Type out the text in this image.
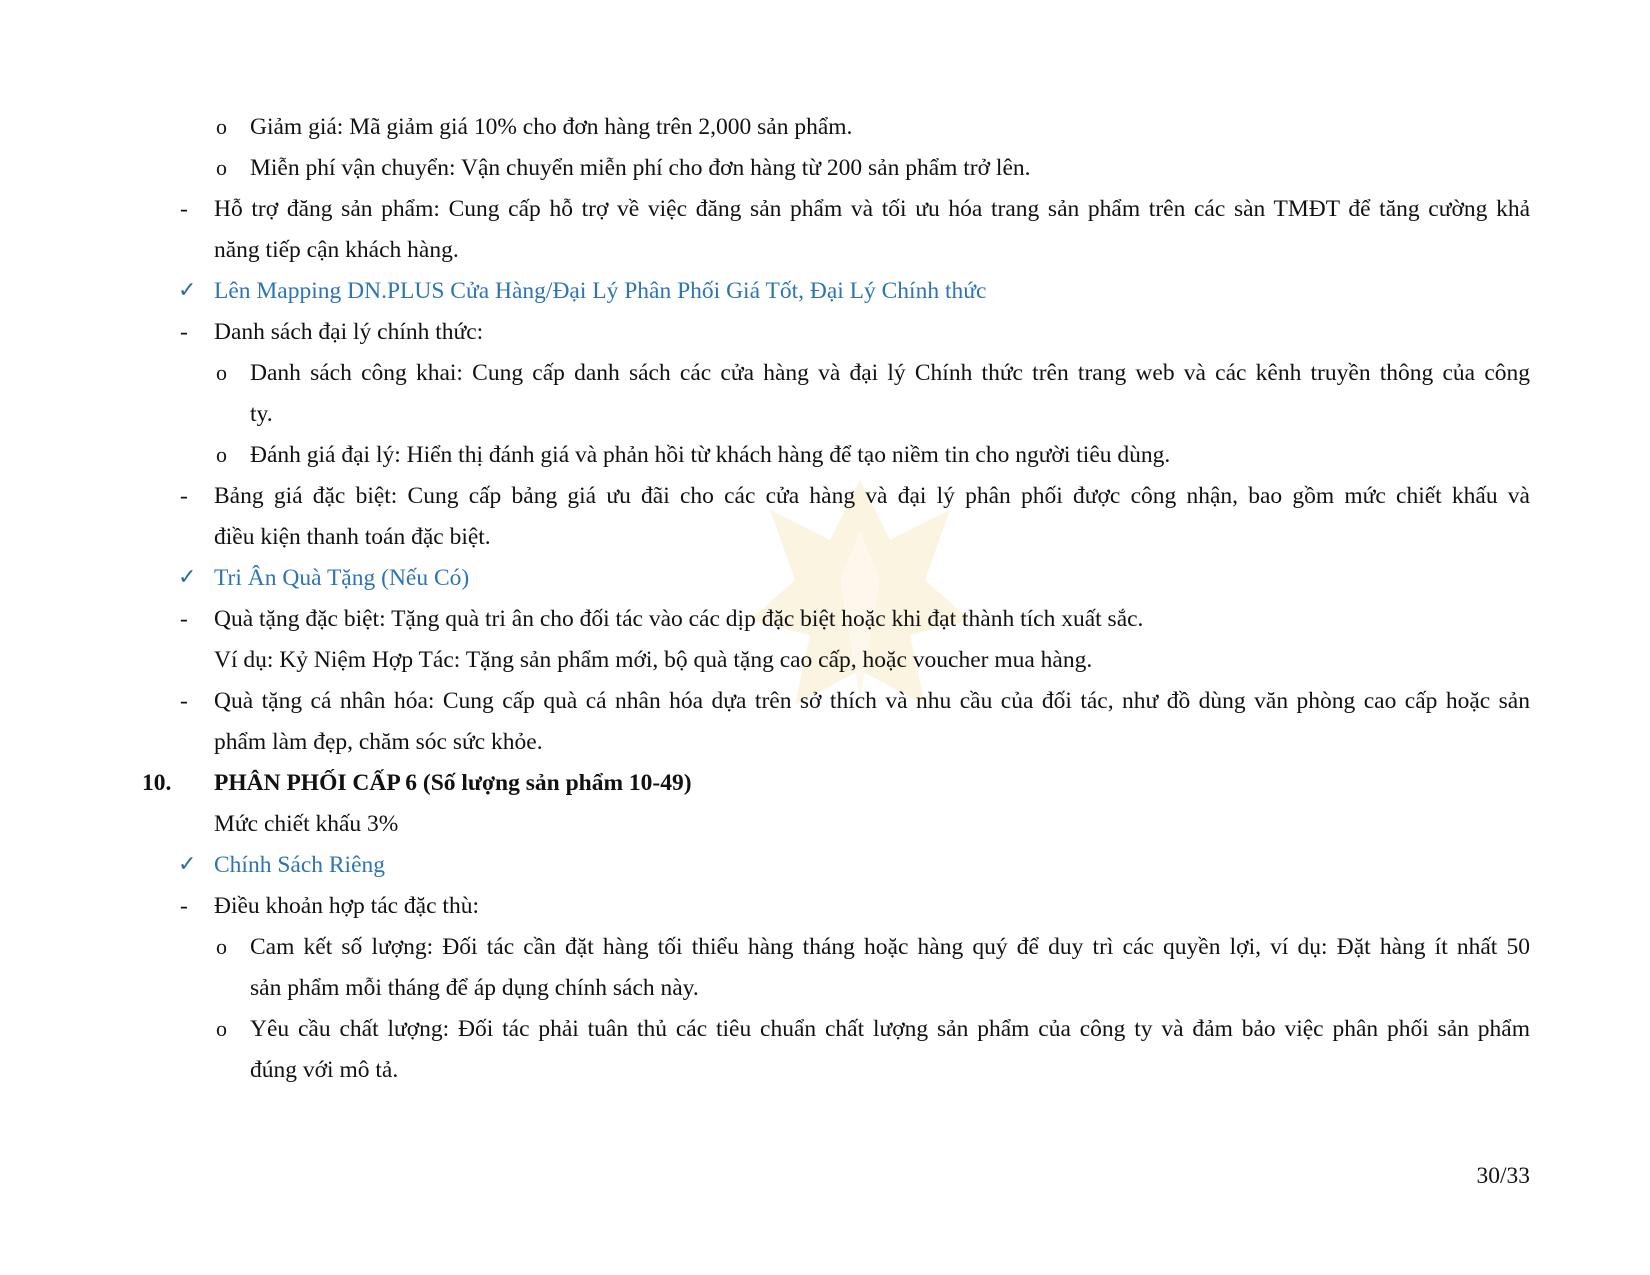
o Giảm giá: Mã giảm giá 10% cho đơn hàng trên 2,000 sản phẩm.
o Miễn phí vận chuyển: Vận chuyển miễn phí cho đơn hàng từ 200 sản phẩm trở lên.
- Hỗ trợ đăng sản phẩm: Cung cấp hỗ trợ về việc đăng sản phẩm và tối ưu hóa trang sản phẩm trên các sàn TMĐT để tăng cường khả
năng tiếp cận khách hàng.
✓ Lên Mapping DN.PLUS Cửa Hàng/Đại Lý Phân Phối Giá Tốt, Đại Lý Chính thức
- Danh sách đại lý chính thức:
o Danh sách công khai: Cung cấp danh sách các cửa hàng và đại lý Chính thức trên trang web và các kênh truyền thông của công
ty.
o Đánh giá đại lý: Hiển thị đánh giá và phản hồi từ khách hàng để tạo niềm tin cho người tiêu dùng.
- Bảng giá đặc biệt: Cung cấp bảng giá ưu đãi cho các cửa hàng và đại lý phân phối được công nhận, bao gồm mức chiết khấu và
điều kiện thanh toán đặc biệt.
✓ Tri Ân Quà Tặng (Nếu Có)
- Quà tặng đặc biệt: Tặng quà tri ân cho đối tác vào các dịp đặc biệt hoặc khi đạt thành tích xuất sắc.
Ví dụ: Kỷ Niệm Hợp Tác: Tặng sản phẩm mới, bộ quà tặng cao cấp, hoặc voucher mua hàng.
- Quà tặng cá nhân hóa: Cung cấp quà cá nhân hóa dựa trên sở thích và nhu cầu của đối tác, như đồ dùng văn phòng cao cấp hoặc sản
phẩm làm đẹp, chăm sóc sức khỏe.
10. PHÂN PHỐI CẤP 6 (Số lượng sản phẩm 10-49)
Mức chiết khấu 3%
✓ Chính Sách Riêng
- Điều khoản hợp tác đặc thù:
o Cam kết số lượng: Đối tác cần đặt hàng tối thiểu hàng tháng hoặc hàng quý để duy trì các quyền lợi, ví dụ: Đặt hàng ít nhất 50
sản phẩm mỗi tháng để áp dụng chính sách này.
o Yêu cầu chất lượng: Đối tác phải tuân thủ các tiêu chuẩn chất lượng sản phẩm của công ty và đảm bảo việc phân phối sản phẩm
đúng với mô tả.
30/33
